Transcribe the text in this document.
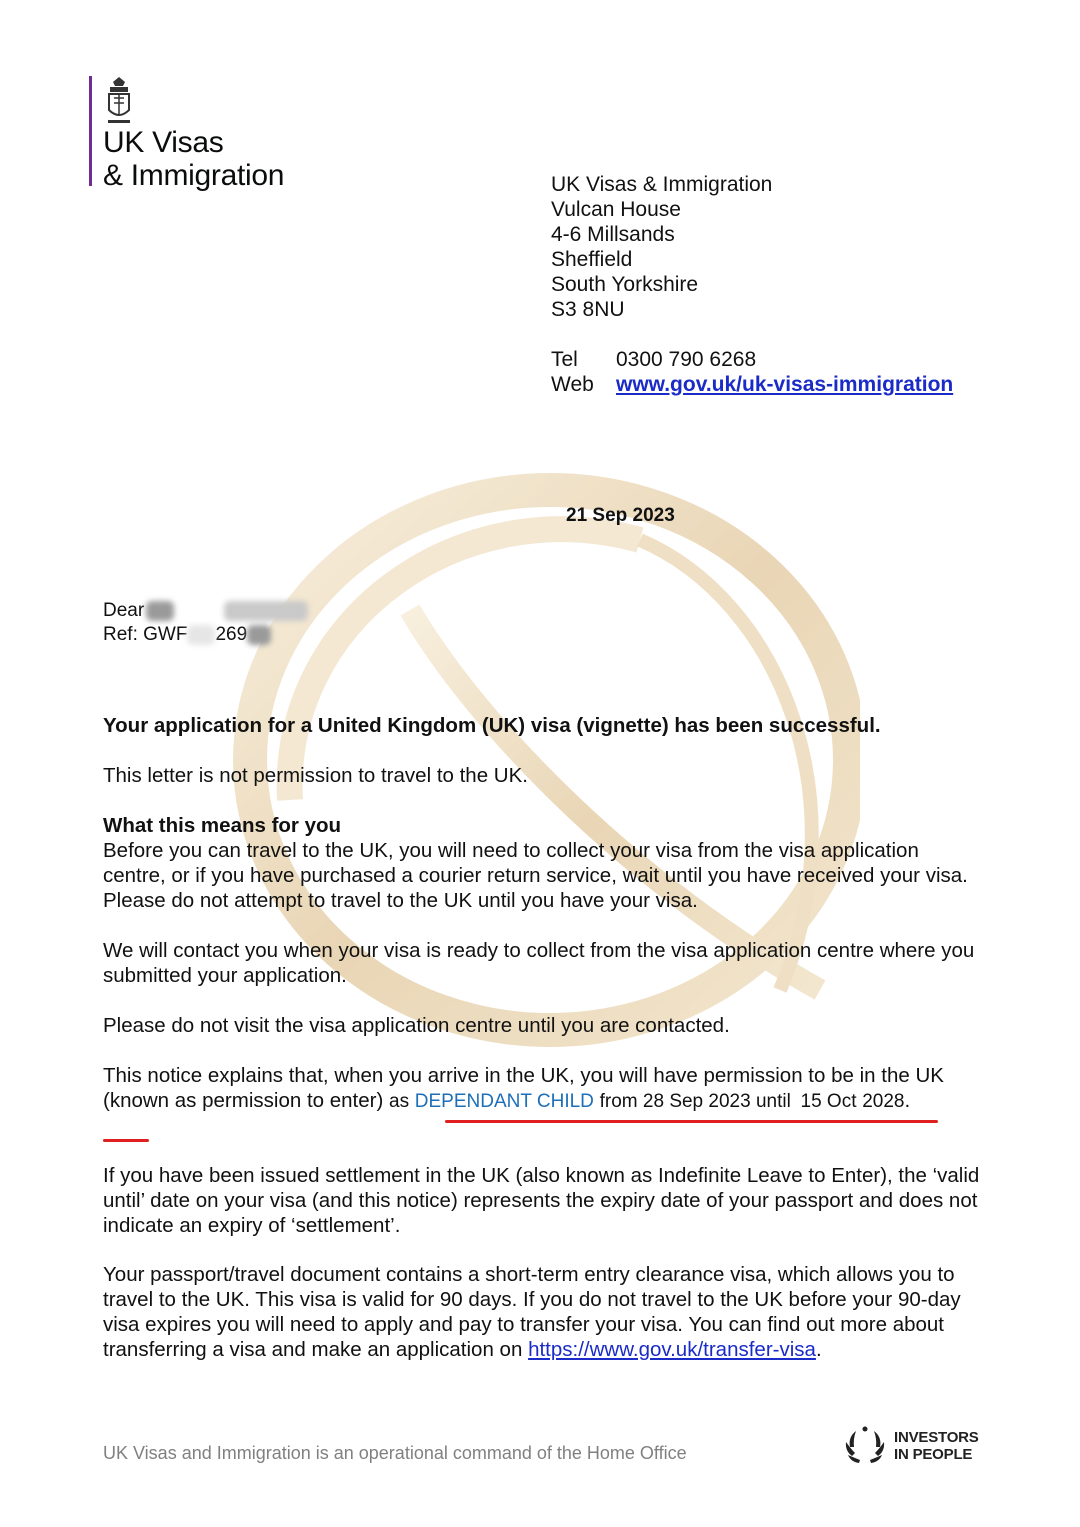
UK Visas
& Immigration	UK Visas & Immigration
Vulcan House
4-6 Millsands
Sheffield
South Yorkshire
S3 8NU
Tel 0300 790 6268
Web www.gov.uk/uk-visas-immigration
21 Sep 2023
Dear
Ref: GWF 269
Your application for a United Kingdom (UK) visa (vignette) has been successful.
This letter is not permission to travel to the UK.
What this means for you
Before you can travel to the UK, you will need to collect your visa from the visa application centre, or if you have purchased a courier return service, wait until you have received your visa. Please do not attempt to travel to the UK until you have your visa.
We will contact you when your visa is ready to collect from the visa application centre where you submitted your application.
Please do not visit the visa application centre until you are contacted.
This notice explains that, when you arrive in the UK, you will have permission to be in the UK (known as permission to enter) as DEPENDANT CHILD from 28 Sep 2023 until 15 Oct 2028.
If you have been issued settlement in the UK (also known as Indefinite Leave to Enter), the ‘valid until’ date on your visa (and this notice) represents the expiry date of your passport and does not indicate an expiry of ‘settlement’.
Your passport/travel document contains a short-term entry clearance visa, which allows you to travel to the UK. This visa is valid for 90 days. If you do not travel to the UK before your 90-day visa expires you will need to apply and pay to transfer your visa. You can find out more about transferring a visa and make an application on https://www.gov.uk/transfer-visa.
UK Visas and Immigration is an operational command of the Home Office
INVESTORS
IN PEOPLE
